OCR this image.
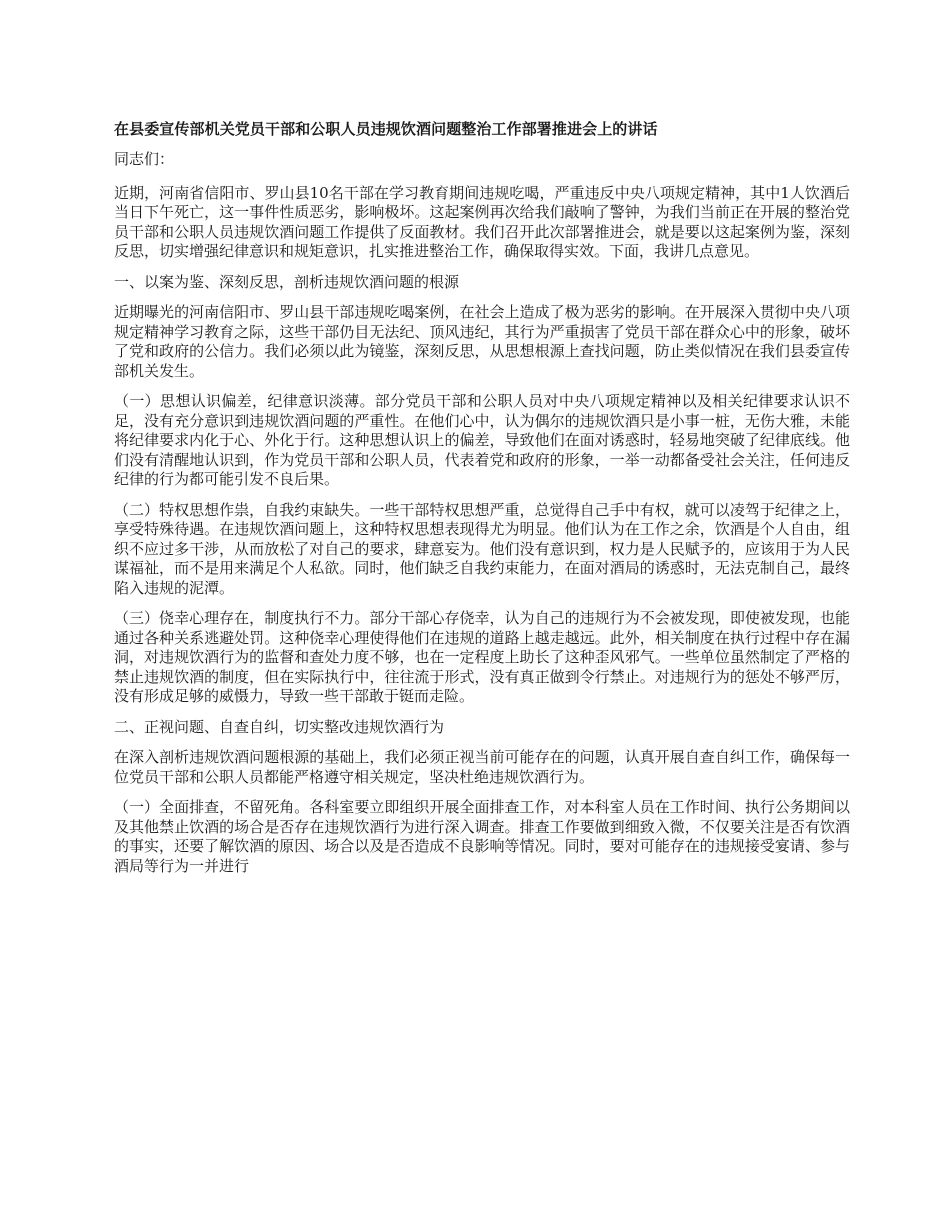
在县委宣传部机关党员干部和公职人员违规饮酒问题整治工作部署推进会上的讲话

同志们：

近期，河南省信阳市、罗山县10名干部在学习教育期间违规吃喝，严重违反中央八项规定精神，其中1人饮酒后当日下午死亡，这一事件性质恶劣，影响极坏。这起案例再次给我们敲响了警钟，为我们当前正在开展的整治党员干部和公职人员违规饮酒问题工作提供了反面教材。我们召开此次部署推进会，就是要以这起案例为鉴，深刻反思，切实增强纪律意识和规矩意识，扎实推进整治工作，确保取得实效。下面，我讲几点意见。

一、以案为鉴、深刻反思，剖析违规饮酒问题的根源

近期曝光的河南信阳市、罗山县干部违规吃喝案例，在社会上造成了极为恶劣的影响。在开展深入贯彻中央八项规定精神学习教育之际，这些干部仍目无法纪、顶风违纪，其行为严重损害了党员干部在群众心中的形象，破坏了党和政府的公信力。我们必须以此为镜鉴，深刻反思，从思想根源上查找问题，防止类似情况在我们县委宣传部机关发生。

（一）思想认识偏差，纪律意识淡薄。部分党员干部和公职人员对中央八项规定精神以及相关纪律要求认识不足，没有充分意识到违规饮酒问题的严重性。在他们心中，认为偶尔的违规饮酒只是小事一桩，无伤大雅，未能将纪律要求内化于心、外化于行。这种思想认识上的偏差，导致他们在面对诱惑时，轻易地突破了纪律底线。他们没有清醒地认识到，作为党员干部和公职人员，代表着党和政府的形象，一举一动都备受社会关注，任何违反纪律的行为都可能引发不良后果。

（二）特权思想作祟，自我约束缺失。一些干部特权思想严重，总觉得自己手中有权，就可以凌驾于纪律之上，享受特殊待遇。在违规饮酒问题上，这种特权思想表现得尤为明显。他们认为在工作之余，饮酒是个人自由，组织不应过多干涉，从而放松了对自己的要求，肆意妄为。他们没有意识到，权力是人民赋予的，应该用于为人民谋福祉，而不是用来满足个人私欲。同时，他们缺乏自我约束能力，在面对酒局的诱惑时，无法克制自己，最终陷入违规的泥潭。

（三）侥幸心理存在，制度执行不力。部分干部心存侥幸，认为自己的违规行为不会被发现，即使被发现，也能通过各种关系逃避处罚。这种侥幸心理使得他们在违规的道路上越走越远。此外，相关制度在执行过程中存在漏洞，对违规饮酒行为的监督和查处力度不够，也在一定程度上助长了这种歪风邪气。一些单位虽然制定了严格的禁止违规饮酒的制度，但在实际执行中，往往流于形式，没有真正做到令行禁止。对违规行为的惩处不够严厉，没有形成足够的威慑力，导致一些干部敢于铤而走险。

二、正视问题、自查自纠，切实整改违规饮酒行为

在深入剖析违规饮酒问题根源的基础上，我们必须正视当前可能存在的问题，认真开展自查自纠工作，确保每一位党员干部和公职人员都能严格遵守相关规定，坚决杜绝违规饮酒行为。

（一）全面排查，不留死角。各科室要立即组织开展全面排查工作，对本科室人员在工作时间、执行公务期间以及其他禁止饮酒的场合是否存在违规饮酒行为进行深入调查。排查工作要做到细致入微，不仅要关注是否有饮酒的事实，还要了解饮酒的原因、场合以及是否造成不良影响等情况。同时，要对可能存在的违规接受宴请、参与酒局等行为一并进行
